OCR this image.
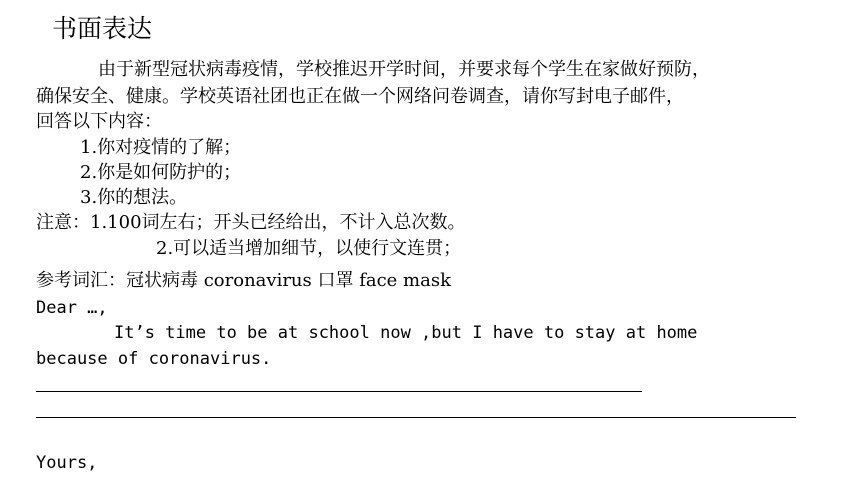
书面表达
由于新型冠状病毒疫情，学校推迟开学时间，并要求每个学生在家做好预防，
确保安全、健康。学校英语社团也正在做一个网络问卷调查，请你写封电子邮件，
回答以下内容：
1.你对疫情的了解；
2.你是如何防护的；
3.你的想法。
注意：1.100词左右；开头已经给出，不计入总次数。
2.可以适当增加细节，以使行文连贯；
参考词汇：冠状病毒 coronavirus 口罩 face mask
Dear …,
It’s time to be at school now ,but I have to stay at home
because of coronavirus.
Yours,
